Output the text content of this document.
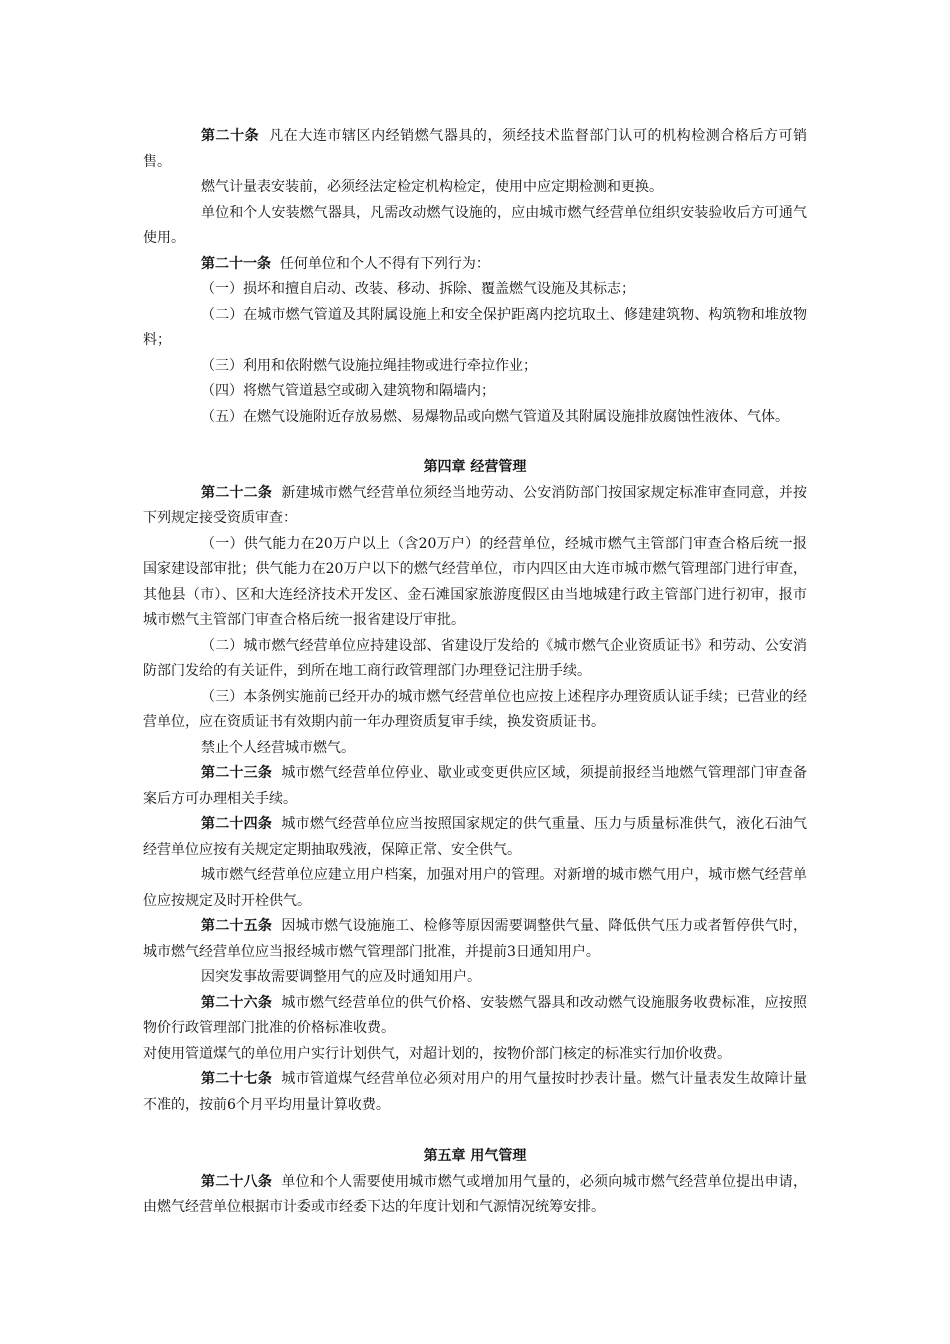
第二十条 凡在大连市辖区内经销燃气器具的，须经技术监督部门认可的机构检测合格后方可销售。

燃气计量表安装前，必须经法定检定机构检定，使用中应定期检测和更换。

单位和个人安装燃气器具，凡需改动燃气设施的，应由城市燃气经营单位组织安装验收后方可通气使用。

第二十一条 任何单位和个人不得有下列行为：

（一）损坏和擅自启动、改装、移动、拆除、覆盖燃气设施及其标志；

（二）在城市燃气管道及其附属设施上和安全保护距离内挖坑取土、修建建筑物、构筑物和堆放物料；

（三）利用和依附燃气设施拉绳挂物或进行牵拉作业；

（四）将燃气管道悬空或砌入建筑物和隔墙内；

（五）在燃气设施附近存放易燃、易爆物品或向燃气管道及其附属设施排放腐蚀性液体、气体。

第四章 经营管理

第二十二条 新建城市燃气经营单位须经当地劳动、公安消防部门按国家规定标准审查同意，并按下列规定接受资质审查：

（一）供气能力在20万户以上（含20万户）的经营单位，经城市燃气主管部门审查合格后统一报国家建设部审批；供气能力在20万户以下的燃气经营单位，市内四区由大连市城市燃气管理部门进行审查，其他县（市）、区和大连经济技术开发区、金石滩国家旅游度假区由当地城建行政主管部门进行初审，报市城市燃气主管部门审查合格后统一报省建设厅审批。

（二）城市燃气经营单位应持建设部、省建设厅发给的《城市燃气企业资质证书》和劳动、公安消防部门发给的有关证件，到所在地工商行政管理部门办理登记注册手续。

（三）本条例实施前已经开办的城市燃气经营单位也应按上述程序办理资质认证手续；已营业的经营单位，应在资质证书有效期内前一年办理资质复审手续，换发资质证书。

禁止个人经营城市燃气。

第二十三条 城市燃气经营单位停业、歇业或变更供应区域，须提前报经当地燃气管理部门审查备案后方可办理相关手续。

第二十四条 城市燃气经营单位应当按照国家规定的供气重量、压力与质量标准供气，液化石油气经营单位应按有关规定定期抽取残液，保障正常、安全供气。

城市燃气经营单位应建立用户档案，加强对用户的管理。对新增的城市燃气用户，城市燃气经营单位应按规定及时开栓供气。

第二十五条 因城市燃气设施施工、检修等原因需要调整供气量、降低供气压力或者暂停供气时，城市燃气经营单位应当报经城市燃气管理部门批准，并提前3日通知用户。

因突发事故需要调整用气的应及时通知用户。

第二十六条 城市燃气经营单位的供气价格、安装燃气器具和改动燃气设施服务收费标准，应按照物价行政管理部门批准的价格标准收费。

对使用管道煤气的单位用户实行计划供气，对超计划的，按物价部门核定的标准实行加价收费。

第二十七条 城市管道煤气经营单位必须对用户的用气量按时抄表计量。燃气计量表发生故障计量不准的，按前6个月平均用量计算收费。

第五章 用气管理

第二十八条 单位和个人需要使用城市燃气或增加用气量的，必须向城市燃气经营单位提出申请，由燃气经营单位根据市计委或市经委下达的年度计划和气源情况统筹安排。
